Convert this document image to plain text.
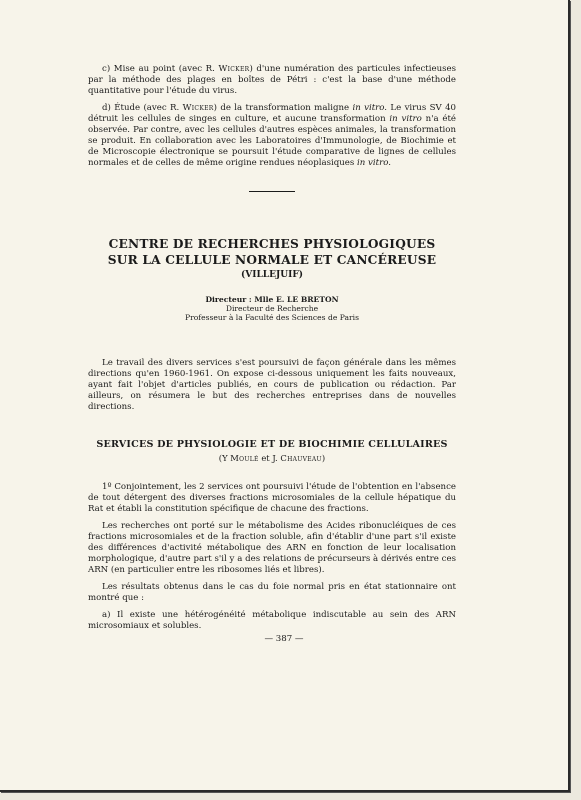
c) Mise au point (avec R. Wicker) d'une numération des particules infectieuses par la méthode des plages en boîtes de Pétri : c'est la base d'une méthode quantitative pour l'étude du virus.

d) Étude (avec R. Wicker) de la transformation maligne in vitro. Le virus SV 40 détruit les cellules de singes en culture, et aucune transformation in vitro n'a été observée. Par contre, avec les cellules d'autres espèces animales, la transformation se produit. En collaboration avec les Laboratoires d'Immunologie, de Biochimie et de Microscopie électronique se poursuit l'étude comparative de lignes de cellules normales et de celles de même origine rendues néoplasiques in vitro.

CENTRE DE RECHERCHES PHYSIOLOGIQUES
SUR LA CELLULE NORMALE ET CANCÉREUSE
(VILLEJUIF)
Directeur : Mlle E. LE BRETON
Directeur de Recherche
Professeur à la Faculté des Sciences de Paris

Le travail des divers services s'est poursuivi de façon générale dans les mêmes directions qu'en 1960-1961. On expose ci-dessous uniquement les faits nouveaux, ayant fait l'objet d'articles publiés, en cours de publication ou rédaction. Par ailleurs, on résumera le but des recherches entreprises dans de nouvelles directions.

SERVICES DE PHYSIOLOGIE ET DE BIOCHIMIE CELLULAIRES
(Y Moulé et J. Chauveau)

1º Conjointement, les 2 services ont poursuivi l'étude de l'obtention en l'absence de tout détergent des diverses fractions microsomiales de la cellule hépatique du Rat et établi la constitution spécifique de chacune des fractions.

Les recherches ont porté sur le métabolisme des Acides ribonucléiques de ces fractions microsomiales et de la fraction soluble, afin d'établir d'une part s'il existe des différences d'activité métabolique des ARN en fonction de leur localisation morphologique, d'autre part s'il y a des relations de précurseurs à dérivés entre ces ARN (en particulier entre les ribosomes liés et libres).

Les résultats obtenus dans le cas du foie normal pris en état stationnaire ont montré que :

a) Il existe une hétérogénéité métabolique indiscutable au sein des ARN microsomiaux et solubles.

— 387 —
